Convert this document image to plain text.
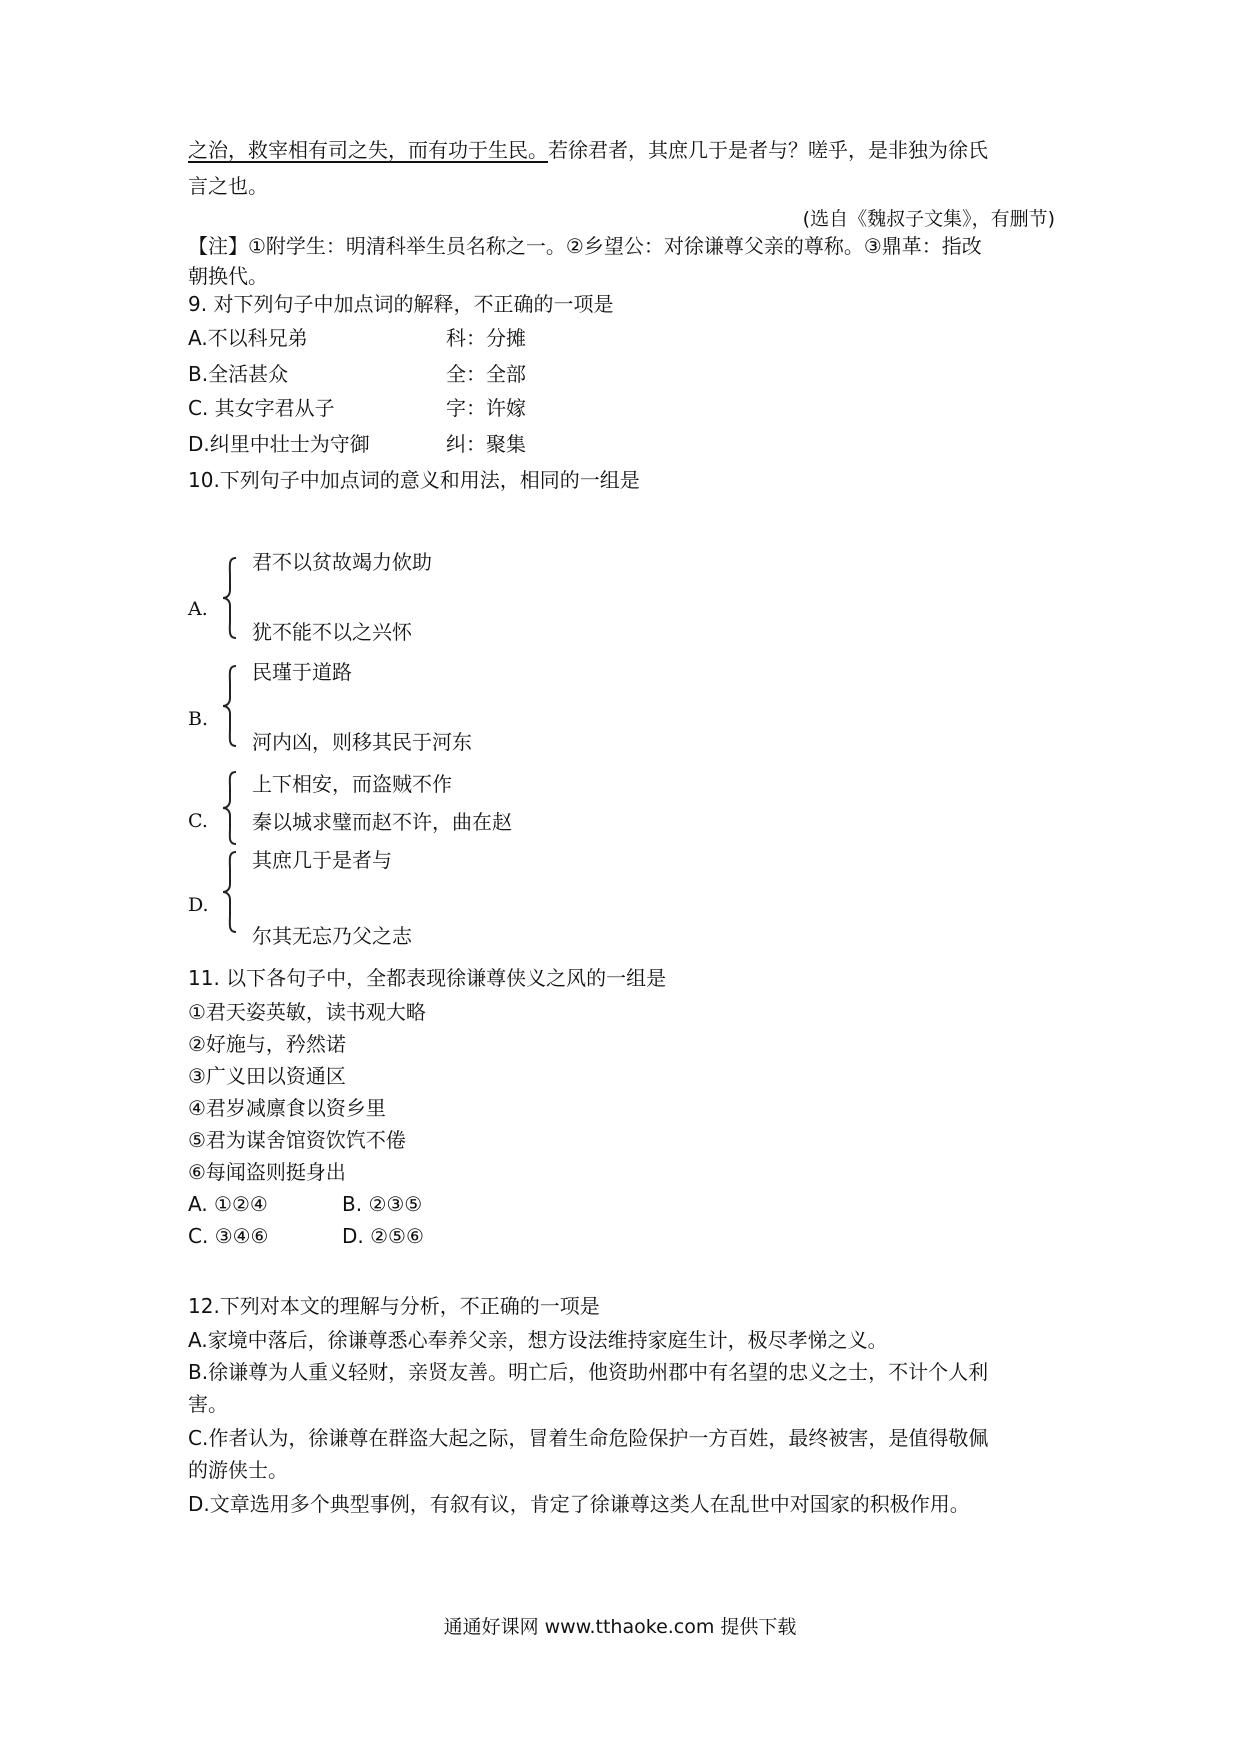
之治，救宰相有司之失，而有功于生民。若徐君者，其庶几于是者与？嗟乎，是非独为徐氏
言之也。
(选自《魏叔子文集》，有删节)
【注】①附学生：明清科举生员名称之一。②乡望公：对徐谦尊父亲的尊称。③鼎革：指改
朝换代。
9. 对下列句子中加点词的解释，不正确的一项是
A.不以科兄弟	科：分摊
B.全活甚众	全：全部
C. 其女字君从子	字：许嫁
D.纠里中壮士为守御	纠：聚集
10.下列句子中加点词的意义和用法，相同的一组是
A.
君不以贫故竭力佽助
犹不能不以之兴怀
B.
民瑾于道路
河内凶，则移其民于河东
C.
上下相安，而盗贼不作
秦以城求璧而赵不许，曲在赵
D.
其庶几于是者与
尔其无忘乃父之志
11. 以下各句子中，全都表现徐谦尊侠义之风的一组是
①君天姿英敏，读书观大略
②好施与，矜然诺
③广义田以资通区
④君岁减廪食以资乡里
⑤君为谋舍馆资饮饩不倦
⑥每闻盗则挺身出
A. ①②④	B. ②③⑤
C. ③④⑥	D. ②⑤⑥
12.下列对本文的理解与分析，不正确的一项是
A.家境中落后，徐谦尊悉心奉养父亲，想方设法维持家庭生计，极尽孝悌之义。
B.徐谦尊为人重义轻财，亲贤友善。明亡后，他资助州郡中有名望的忠义之士，不计个人利
害。
C.作者认为，徐谦尊在群盗大起之际，冒着生命危险保护一方百姓，最终被害，是值得敬佩
的游侠士。
D.文章选用多个典型事例，有叙有议，肯定了徐谦尊这类人在乱世中对国家的积极作用。
通通好课网 www.tthaoke.com 提供下载
